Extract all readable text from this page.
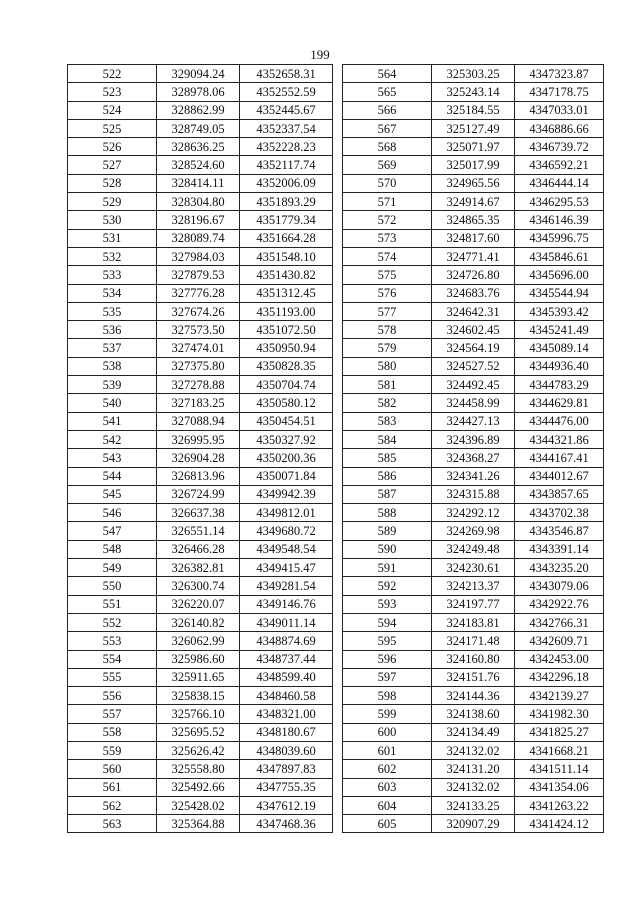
199
522	329094.24	4352658.31
523	328978.06	4352552.59
524	328862.99	4352445.67
525	328749.05	4352337.54
526	328636.25	4352228.23
527	328524.60	4352117.74
528	328414.11	4352006.09
529	328304.80	4351893.29
530	328196.67	4351779.34
531	328089.74	4351664.28
532	327984.03	4351548.10
533	327879.53	4351430.82
534	327776.28	4351312.45
535	327674.26	4351193.00
536	327573.50	4351072.50
537	327474.01	4350950.94
538	327375.80	4350828.35
539	327278.88	4350704.74
540	327183.25	4350580.12
541	327088.94	4350454.51
542	326995.95	4350327.92
543	326904.28	4350200.36
544	326813.96	4350071.84
545	326724.99	4349942.39
546	326637.38	4349812.01
547	326551.14	4349680.72
548	326466.28	4349548.54
549	326382.81	4349415.47
550	326300.74	4349281.54
551	326220.07	4349146.76
552	326140.82	4349011.14
553	326062.99	4348874.69
554	325986.60	4348737.44
555	325911.65	4348599.40
556	325838.15	4348460.58
557	325766.10	4348321.00
558	325695.52	4348180.67
559	325626.42	4348039.60
560	325558.80	4347897.83
561	325492.66	4347755.35
562	325428.02	4347612.19
563	325364.88	4347468.36
564	325303.25	4347323.87
565	325243.14	4347178.75
566	325184.55	4347033.01
567	325127.49	4346886.66
568	325071.97	4346739.72
569	325017.99	4346592.21
570	324965.56	4346444.14
571	324914.67	4346295.53
572	324865.35	4346146.39
573	324817.60	4345996.75
574	324771.41	4345846.61
575	324726.80	4345696.00
576	324683.76	4345544.94
577	324642.31	4345393.42
578	324602.45	4345241.49
579	324564.19	4345089.14
580	324527.52	4344936.40
581	324492.45	4344783.29
582	324458.99	4344629.81
583	324427.13	4344476.00
584	324396.89	4344321.86
585	324368.27	4344167.41
586	324341.26	4344012.67
587	324315.88	4343857.65
588	324292.12	4343702.38
589	324269.98	4343546.87
590	324249.48	4343391.14
591	324230.61	4343235.20
592	324213.37	4343079.06
593	324197.77	4342922.76
594	324183.81	4342766.31
595	324171.48	4342609.71
596	324160.80	4342453.00
597	324151.76	4342296.18
598	324144.36	4342139.27
599	324138.60	4341982.30
600	324134.49	4341825.27
601	324132.02	4341668.21
602	324131.20	4341511.14
603	324132.02	4341354.06
604	324133.25	4341263.22
605	320907.29	4341424.12
